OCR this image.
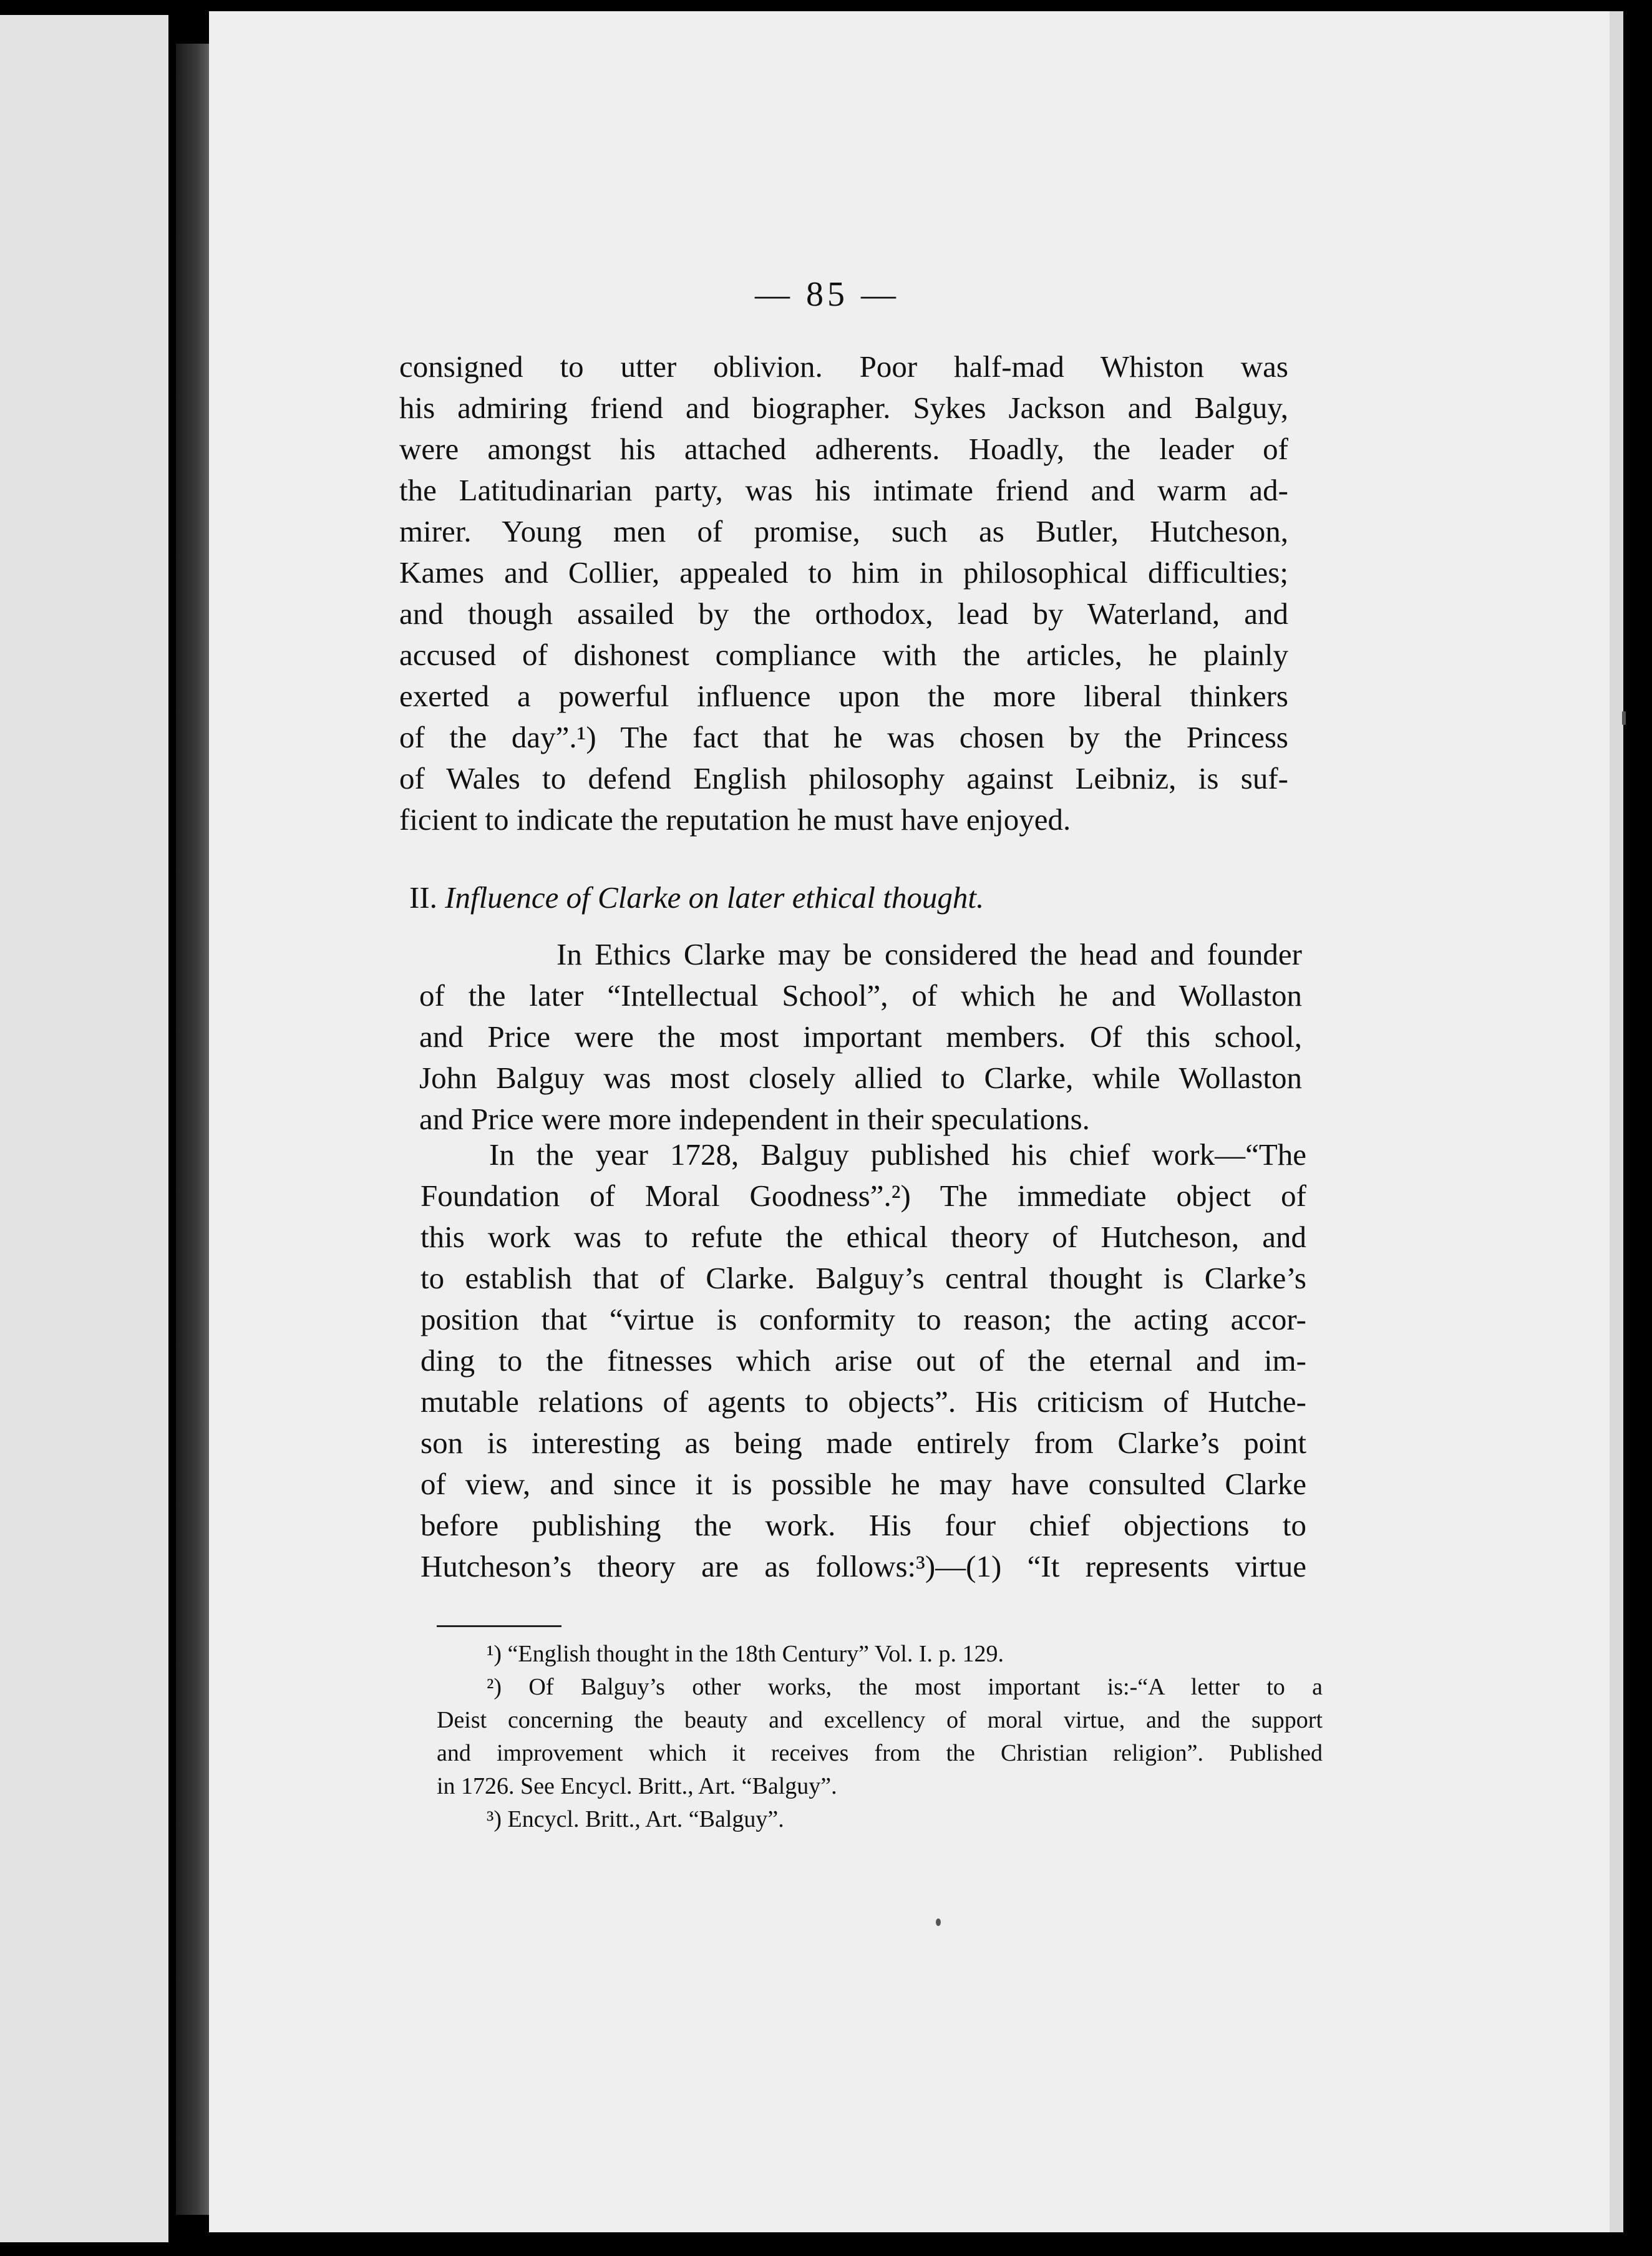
— 85 —
consigned to utter oblivion. Poor half-mad Whiston was
his admiring friend and biographer. Sykes Jackson and Balguy,
were amongst his attached adherents. Hoadly, the leader of
the Latitudinarian party, was his intimate friend and warm ad-
mirer. Young men of promise, such as Butler, Hutcheson,
Kames and Collier, appealed to him in philosophical difficulties;
and though assailed by the orthodox, lead by Waterland, and
accused of dishonest compliance with the articles, he plainly
exerted a powerful influence upon the more liberal thinkers
of the day”.¹) The fact that he was chosen by the Princess
of Wales to defend English philosophy against Leibniz, is suf-
ficient to indicate the reputation he must have enjoyed.
II. Influence of Clarke on later ethical thought.
In Ethics Clarke may be considered the head and founder
of the later “Intellectual School”, of which he and Wollaston
and Price were the most important members. Of this school,
John Balguy was most closely allied to Clarke, while Wollaston
and Price were more independent in their speculations.
In the year 1728, Balguy published his chief work—“The
Foundation of Moral Goodness”.²) The immediate object of
this work was to refute the ethical theory of Hutcheson, and
to establish that of Clarke. Balguy’s central thought is Clarke’s
position that “virtue is conformity to reason; the acting accor-
ding to the fitnesses which arise out of the eternal and im-
mutable relations of agents to objects”. His criticism of Hutche-
son is interesting as being made entirely from Clarke’s point
of view, and since it is possible he may have consulted Clarke
before publishing the work. His four chief objections to
Hutcheson’s theory are as follows:³)—(1) “It represents virtue
¹) “English thought in the 18th Century” Vol. I. p. 129.
²) Of Balguy’s other works, the most important is:-“A letter to a
Deist concerning the beauty and excellency of moral virtue, and the support
and improvement which it receives from the Christian religion”. Published
in 1726. See Encycl. Britt., Art. “Balguy”.
³) Encycl. Britt., Art. “Balguy”.
